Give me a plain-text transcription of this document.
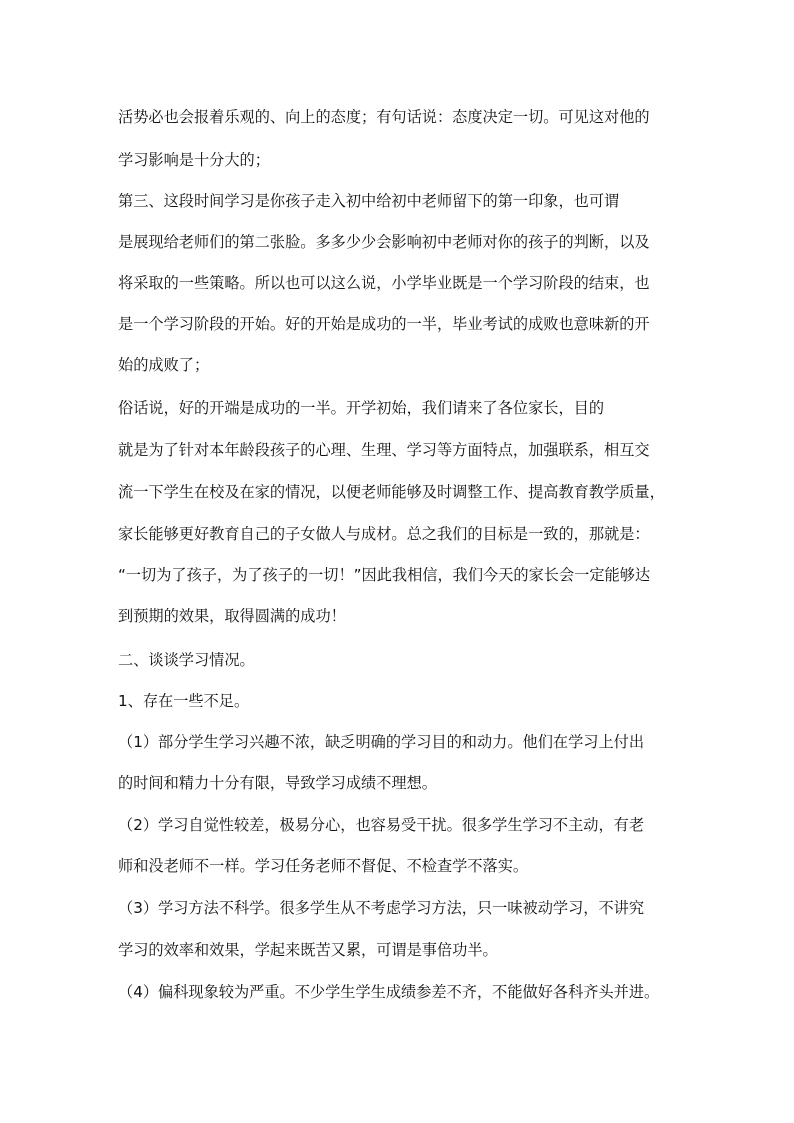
活势必也会报着乐观的、向上的态度；有句话说：态度决定一切。可见这对他的
学习影响是十分大的；
第三、这段时间学习是你孩子走入初中给初中老师留下的第一印象，也可谓
是展现给老师们的第二张脸。多多少少会影响初中老师对你的孩子的判断，以及
将采取的一些策略。所以也可以这么说，小学毕业既是一个学习阶段的结束，也
是一个学习阶段的开始。好的开始是成功的一半，毕业考试的成败也意味新的开
始的成败了；
俗话说，好的开端是成功的一半。开学初始，我们请来了各位家长，目的
就是为了针对本年龄段孩子的心理、生理、学习等方面特点，加强联系，相互交
流一下学生在校及在家的情况，以便老师能够及时调整工作、提高教育教学质量，
家长能够更好教育自己的子女做人与成材。总之我们的目标是一致的，那就是：
“一切为了孩子，为了孩子的一切！”因此我相信，我们今天的家长会一定能够达
到预期的效果，取得圆满的成功！
二、谈谈学习情况。
1、存在一些不足。
（1）部分学生学习兴趣不浓，缺乏明确的学习目的和动力。他们在学习上付出
的时间和精力十分有限，导致学习成绩不理想。
（2）学习自觉性较差，极易分心，也容易受干扰。很多学生学习不主动，有老
师和没老师不一样。学习任务老师不督促、不检查学不落实。
（3）学习方法不科学。很多学生从不考虑学习方法，只一味被动学习，不讲究
学习的效率和效果，学起来既苦又累，可谓是事倍功半。
（4）偏科现象较为严重。不少学生学生成绩参差不齐，不能做好各科齐头并进。
